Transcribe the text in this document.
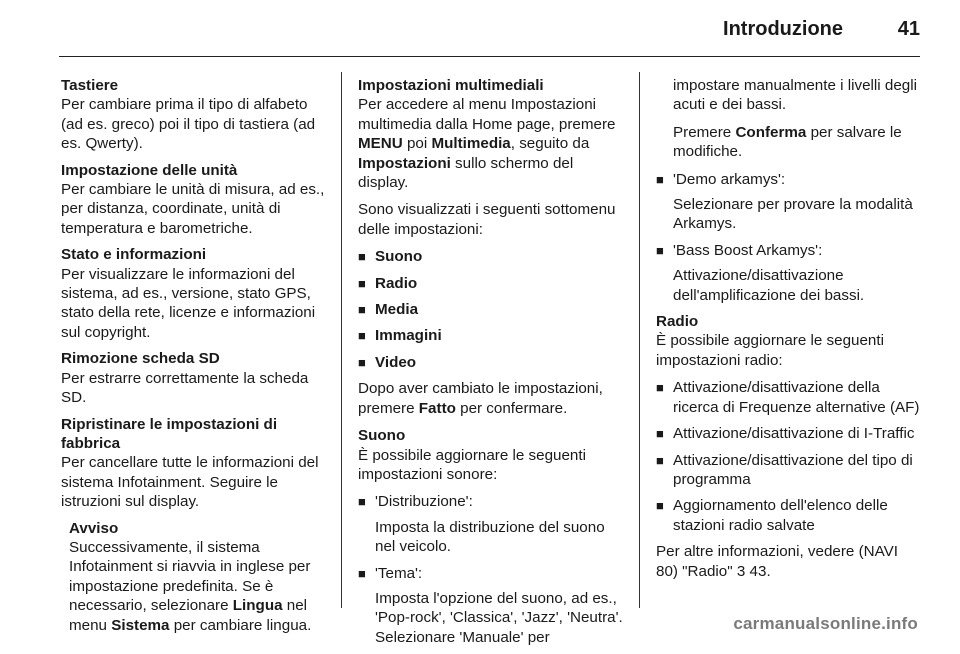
Introduzione	41
Tastiere
Per cambiare prima il tipo di alfabeto (ad es. greco) poi il tipo di tastiera (ad es. Qwerty).
Impostazione delle unità
Per cambiare le unità di misura, ad es., per distanza, coordinate, unità di temperatura e barometriche.
Stato e informazioni
Per visualizzare le informazioni del sistema, ad es., versione, stato GPS, stato della rete, licenze e informazioni sul copyright.
Rimozione scheda SD
Per estrarre correttamente la scheda SD.
Ripristinare le impostazioni di fabbrica
Per cancellare tutte le informazioni del sistema Infotainment. Seguire le istruzioni sul display.
Avviso
Successivamente, il sistema Infotainment si riavvia in inglese per impostazione predefinita. Se è necessario, selezionare Lingua nel menu Sistema per cambiare lingua.
Impostazioni multimediali
Per accedere al menu Impostazioni multimedia dalla Home page, premere MENU poi Multimedia, seguito da Impostazioni sullo schermo del display.
Sono visualizzati i seguenti sottomenu delle impostazioni:
■ Suono
■ Radio
■ Media
■ Immagini
■ Video
Dopo aver cambiato le impostazioni, premere Fatto per confermare.
Suono
È possibile aggiornare le seguenti impostazioni sonore:
■ 'Distribuzione':
Imposta la distribuzione del suono nel veicolo.
■ 'Tema':
Imposta l'opzione del suono, ad es., 'Pop-rock', 'Classica', 'Jazz', 'Neutra'. Selezionare 'Manuale' per
impostare manualmente i livelli degli acuti e dei bassi.
Premere Conferma per salvare le modifiche.
■ 'Demo arkamys':
Selezionare per provare la modalità Arkamys.
■ 'Bass Boost Arkamys':
Attivazione/disattivazione dell'amplificazione dei bassi.
Radio
È possibile aggiornare le seguenti impostazioni radio:
■ Attivazione/disattivazione della ricerca di Frequenze alternative (AF)
■ Attivazione/disattivazione di I-Traffic
■ Attivazione/disattivazione del tipo di programma
■ Aggiornamento dell'elenco delle stazioni radio salvate
Per altre informazioni, vedere (NAVI 80) "Radio" 3 43.
carmanualsonline.info
